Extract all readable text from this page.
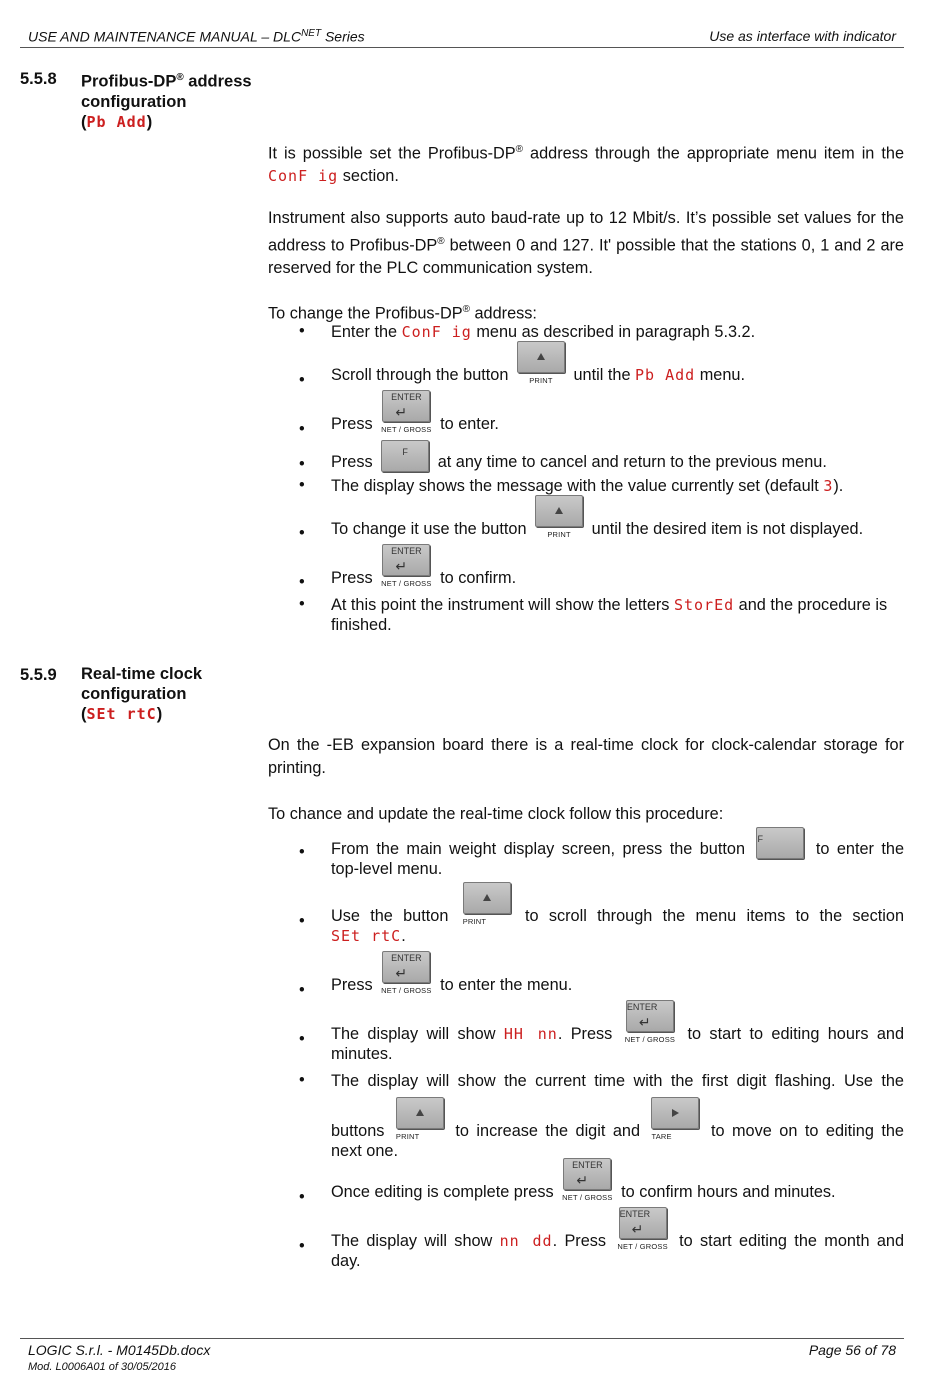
USE AND MAINTENANCE MANUAL – $DLC^{NET}$ Series	Use as interface with indicator
5.5.8 Profibus-DP® address
configuration
(Pb Add)
It is possible set the Profibus-DP® address through the appropriate menu item in the ConF ig section.
Instrument also supports auto baud-rate up to 12 Mbit/s. It’s possible set values for the address to Profibus-DP® between 0 and 127. It' possible that the stations 0, 1 and 2 are reserved for the PLC communication system.
To change the Profibus-DP® address:
• Enter the ConF ig menu as described in paragraph 5.3.2.
• Scroll through the button	PRINT	until the Pb Add menu.
• Press
ENTER
↵
NET / GROSS to enter.
• Press
F
at any time to cancel and return to the previous menu.
• The display shows the message with the value currently set (default 3).
• To change it use the button	PRINT	until the desired item is not displayed.
• Press
ENTER
↵
NET / GROSS to confirm.
• At this point the instrument will show the letters StorEd and the procedure is finished.
5.5.9 Real-time clock
configuration
(SEt rtC)
On the -EB expansion board there is a real-time clock for clock-calendar storage for printing.
To chance and update the real-time clock follow this procedure:
• From the main weight display screen, press the button
F
to enter the
top-level menu.
• Use the button PRINT	to scroll through the menu items to the section
SEt rtC.
• Press
ENTER
↵
NET / GROSS to enter the menu.
• The display will show HH nn. Press
ENTER
↵
NET / GROSS to start to editing hours and
minutes.
• The display will show the current time with the first digit flashing. Use the
buttons PRINT	to increase the digit and TARE	to move on to editing the
next one.
• Once editing is complete press
ENTER
↵
NET / GROSS to confirm hours and minutes.
• The display will show nn dd. Press
ENTER
↵
NET / GROSS to start editing the month and
day.
LOGIC S.r.l. - M0145Db.docx	Page 56 of 78
Mod. L0006A01 of 30/05/2016
